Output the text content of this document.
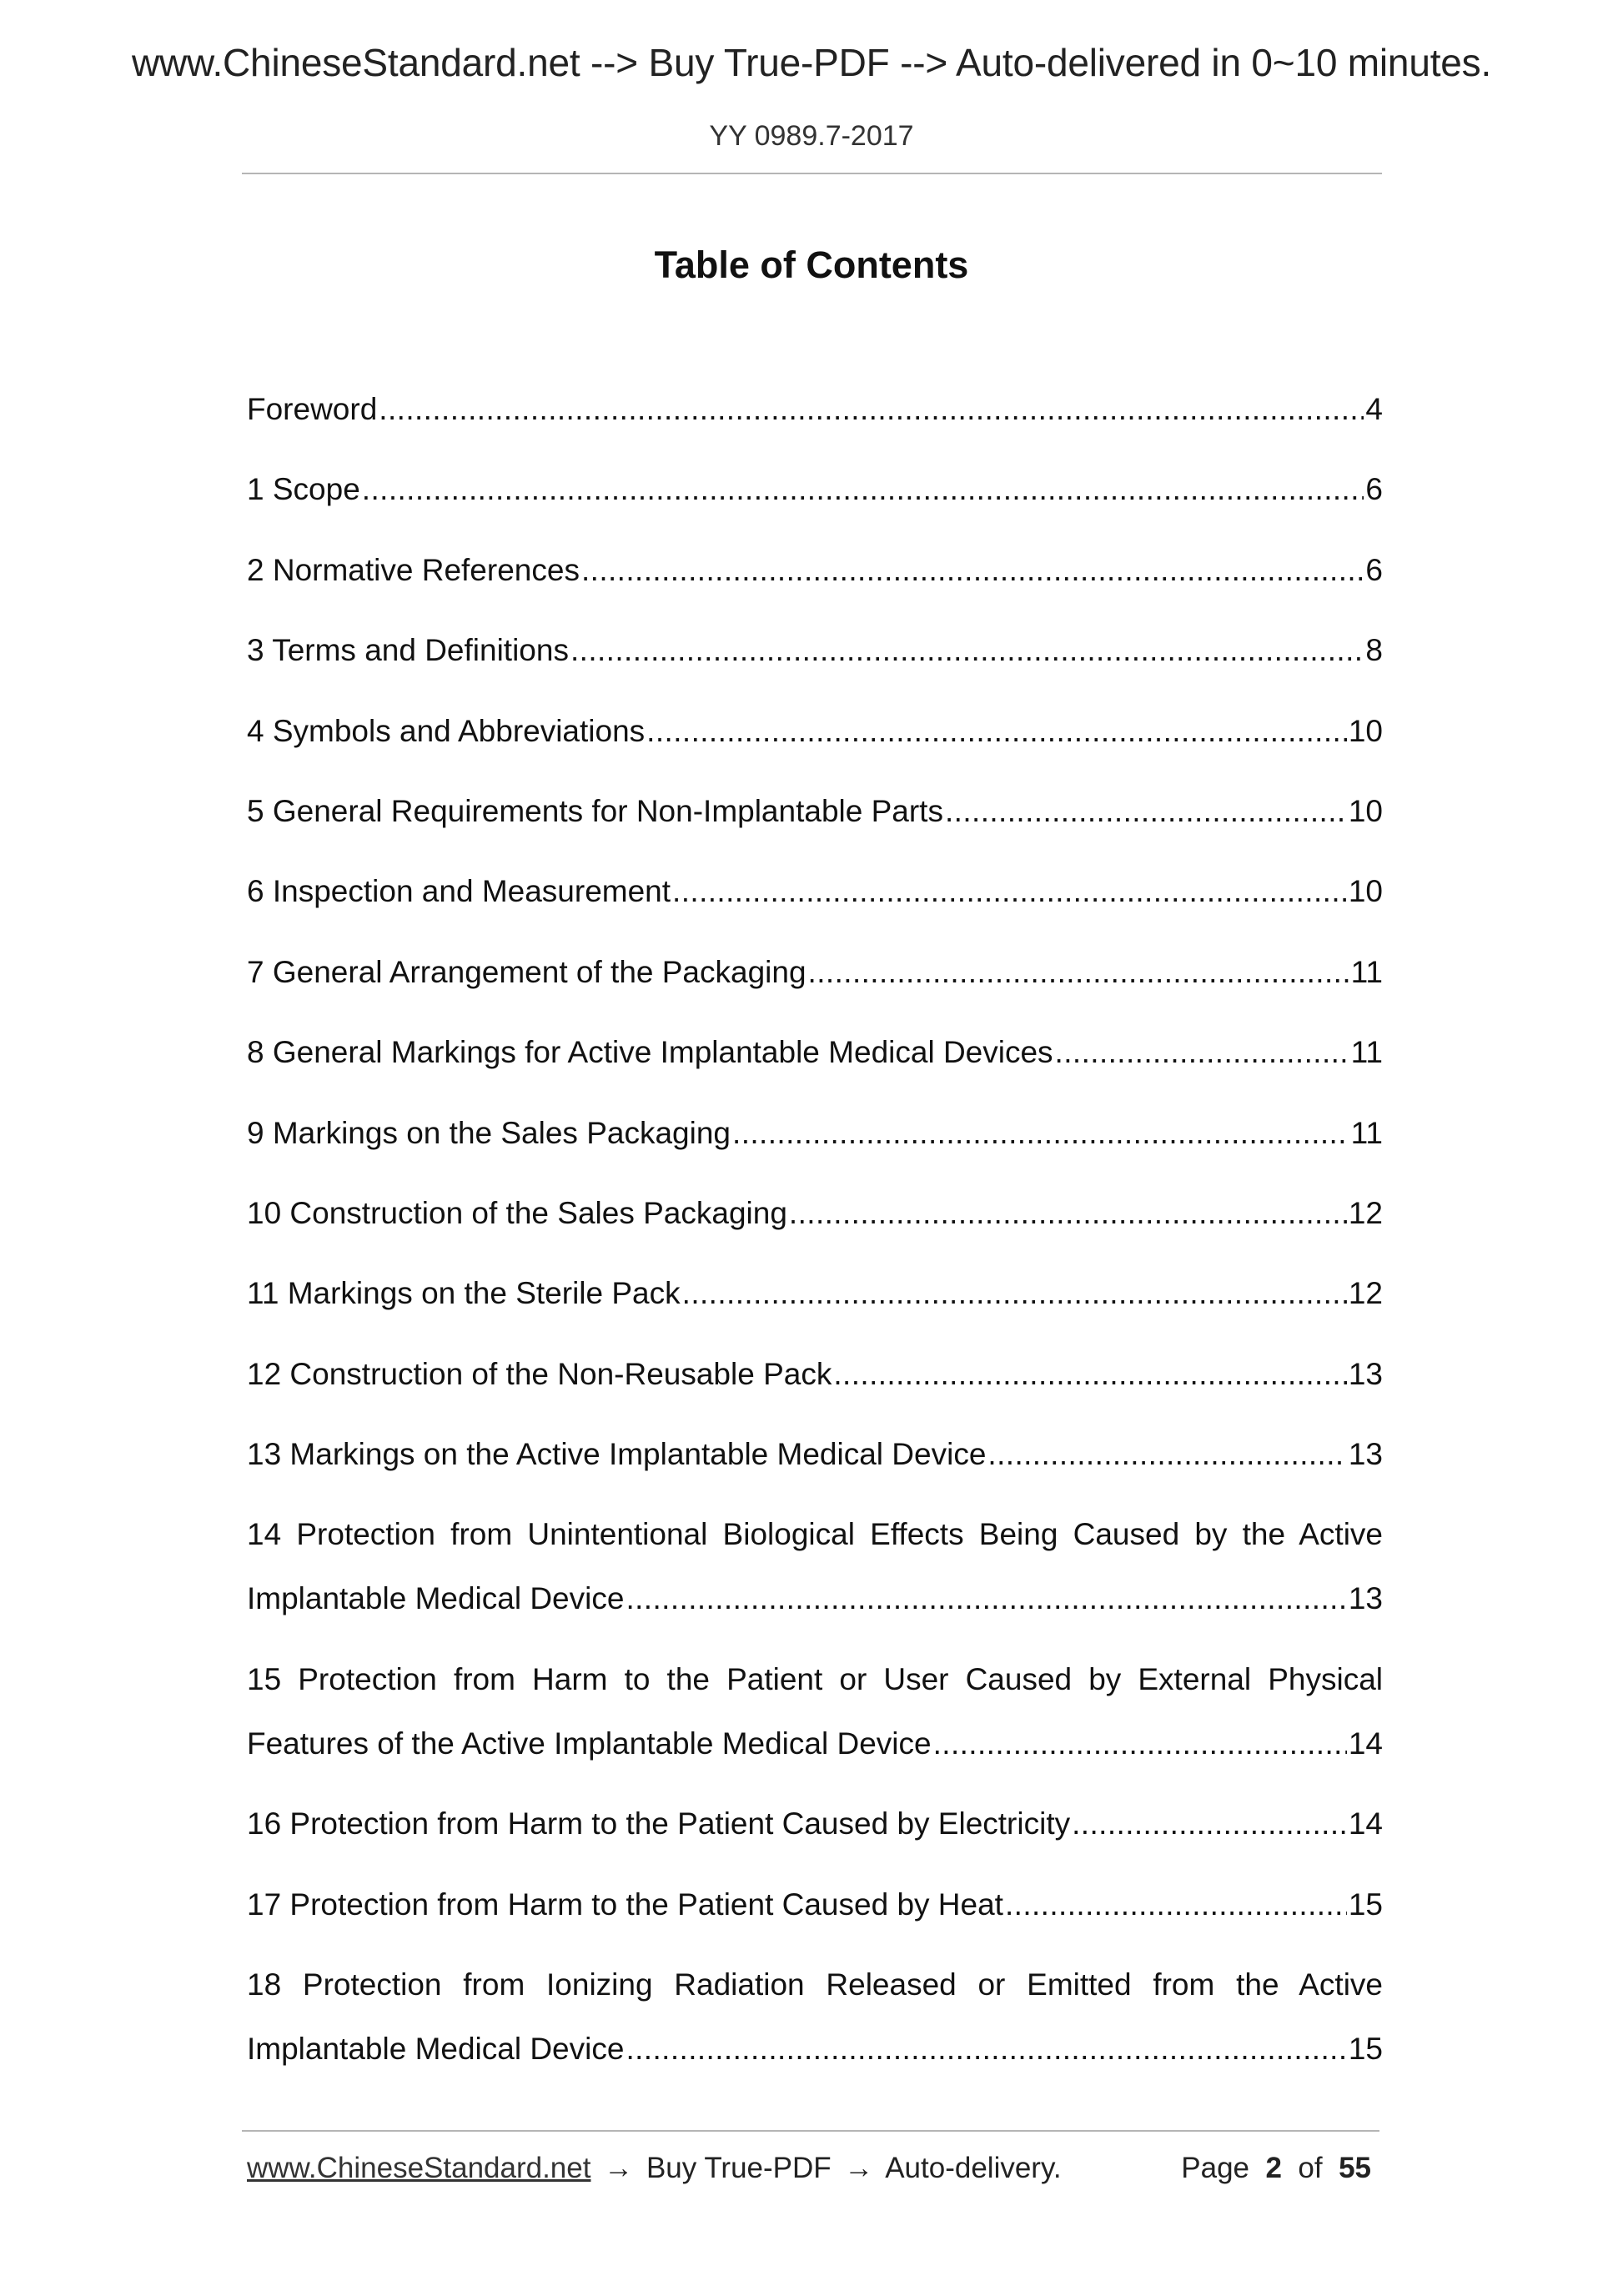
www.ChineseStandard.net --> Buy True-PDF --> Auto-delivered in 0~10 minutes.
YY 0989.7-2017
Table of Contents
Foreword .....	4
1 Scope .....	6
2 Normative References .....	6
3 Terms and Definitions .....	8
4 Symbols and Abbreviations .....	10
5 General Requirements for Non-Implantable Parts .....	10
6 Inspection and Measurement .....	10
7 General Arrangement of the Packaging .....	11
8 General Markings for Active Implantable Medical Devices .....	11
9 Markings on the Sales Packaging .....	11
10 Construction of the Sales Packaging .....	12
11 Markings on the Sterile Pack .....	12
12 Construction of the Non-Reusable Pack .....	13
13 Markings on the Active Implantable Medical Device .....	13
14 Protection from Unintentional Biological Effects Being Caused by the Active
Implantable Medical Device .....	13
15 Protection from Harm to the Patient or User Caused by External Physical
Features of the Active Implantable Medical Device .....	14
16 Protection from Harm to the Patient Caused by Electricity .....	14
17 Protection from Harm to the Patient Caused by Heat .....	15
18 Protection from Ionizing Radiation Released or Emitted from the Active
Implantable Medical Device .....	15
www.ChineseStandard.net → Buy True-PDF → Auto-delivery.	Page 2 of 55
